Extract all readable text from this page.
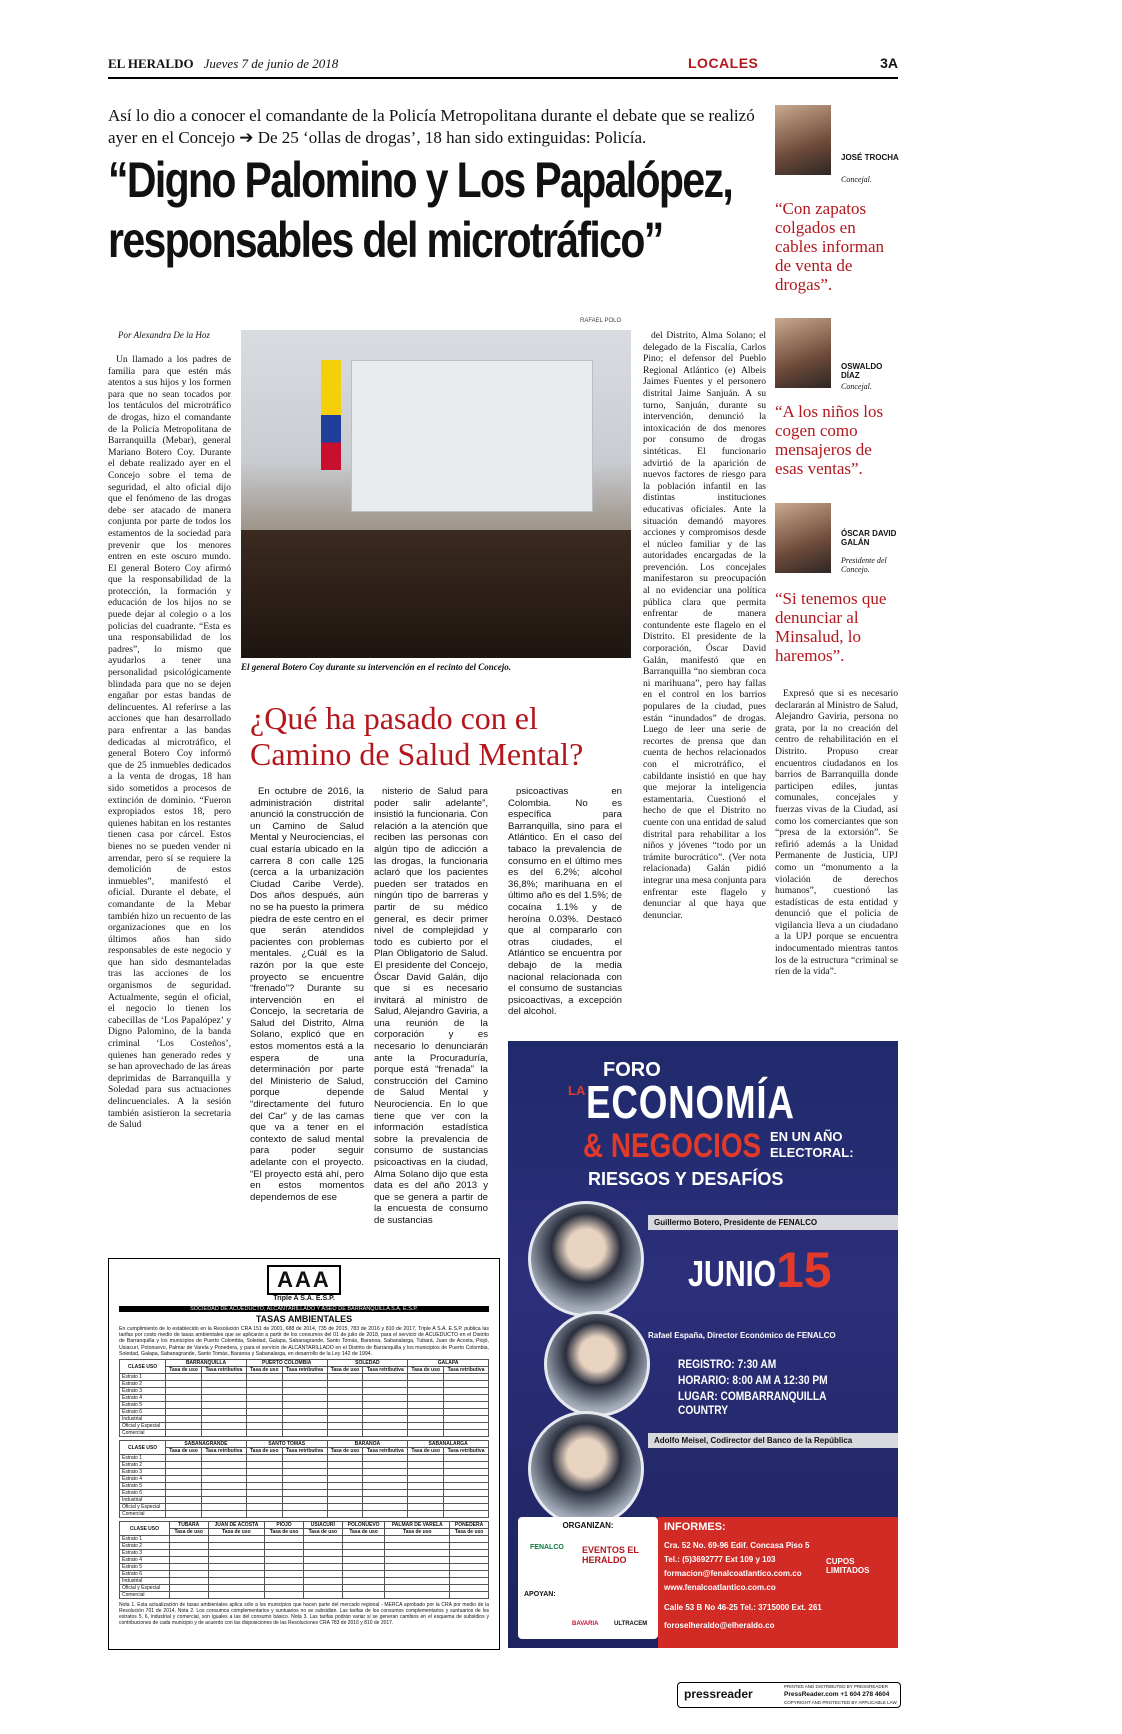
EL HERALDO Jueves 7 de junio de 2018	LOCALES	3A
Así lo dio a conocer el comandante de la Policía Metropolitana durante el debate que se realizó ayer en el Concejo ➔ De 25 ‘ollas de drogas’, 18 han sido extinguidas: Policía.
“Digno Palomino y Los Papalópez, responsables del microtráfico”
JOSÉ TROCHA
Concejal.
“Con zapatos colgados en cables informan de venta de drogas”.
OSWALDO DÍAZ
Concejal.
“A los niños los cogen como mensajeros de esas ventas”.
ÓSCAR DAVID GALÁN
Presidente del Concejo.
“Si tenemos que denunciar al Minsalud, lo haremos”.
Por Alexandra De la Hoz
RAFAEL POLO
El general Botero Coy durante su intervención en el recinto del Concejo.

Un llamado a los padres de familia para que estén más atentos a sus hijos y los formen para que no sean tocados por los tentáculos del microtráfico de drogas, hizo el comandante de la Policía Metropolitana de Barranquilla (Mebar), general Mariano Botero Coy. Durante el debate realizado ayer en el Concejo sobre el tema de seguridad, el alto oficial dijo que el fenómeno de las drogas debe ser atacado de manera conjunta por parte de todos los estamentos de la sociedad para prevenir que los menores entren en este oscuro mundo. El general Botero Coy afirmó que la responsabilidad de la protección, la formación y educación de los hijos no se puede dejar al colegio o a los policías del cuadrante. “Esta es una responsabilidad de los padres”, lo mismo que ayudarlos a tener una personalidad psicológicamente blindada para que no se dejen engañar por estas bandas de delincuentes. Al referirse a las acciones que han desarrollado para enfrentar a las bandas dedicadas al microtráfico, el general Botero Coy informó que de 25 inmuebles dedicados a la venta de drogas, 18 han sido sometidos a procesos de extinción de dominio. “Fueron expropiados estos 18, pero quienes habitan en los restantes tienen casa por cárcel. Estos bienes no se pueden vender ni arrendar, pero sí se requiere la demolición de estos inmuebles”, manifestó el oficial. Durante el debate, el comandante de la Mebar también hizo un recuento de las organizaciones que en los últimos años han sido responsables de este negocio y que han sido desmanteladas tras las acciones de los organismos de seguridad. Actualmente, según el oficial, el negocio lo tienen los cabecillas de ‘Los Papalópez’ y Digno Palomino, de la banda criminal ‘Los Costeños’, quienes han generado redes y se han aprovechado de las áreas deprimidas de Barranquilla y Soledad para sus actuaciones delincuenciales. A la sesión también asistieron la secretaria de Salud

del Distrito, Alma Solano; el delegado de la Fiscalía, Carlos Pino; el defensor del Pueblo Regional Atlántico (e) Albeis Jaimes Fuentes y el personero distrital Jaime Sanjuán. A su turno, Sanjuán, durante su intervención, denunció la intoxicación de dos menores por consumo de drogas sintéticas. El funcionario advirtió de la aparición de nuevos factores de riesgo para la población infantil en las distintas instituciones educativas oficiales. Ante la situación demandó mayores acciones y compromisos desde el núcleo familiar y de las autoridades encargadas de la prevención. Los concejales manifestaron su preocupación al no evidenciar una política pública clara que permita enfrentar de manera contundente este flagelo en el Distrito. El presidente de la corporación, Óscar David Galán, manifestó que en Barranquilla “no siembran coca ni marihuana”, pero hay fallas en el control en los barrios populares de la ciudad, pues están “inundados” de drogas. Luego de leer una serie de recortes de prensa que dan cuenta de hechos relacionados con el microtráfico, el cabildante insistió en que hay que mejorar la inteligencia estamentaria. Cuestionó el hecho de que el Distrito no cuente con una entidad de salud distrital para rehabilitar a los niños y jóvenes “todo por un trámite burocrático”. (Ver nota relacionada) Galán pidió integrar una mesa conjunta para enfrentar este flagelo y denunciar al que haya que denunciar.

Expresó que si es necesario declararán al Ministro de Salud, Alejandro Gaviria, persona no grata, por la no creación del centro de rehabilitación en el Distrito. Propuso crear encuentros ciudadanos en los barrios de Barranquilla donde participen ediles, juntas comunales, concejales y fuerzas vivas de la Ciudad, así como los comerciantes que son “presa de la extorsión”. Se refirió además a la Unidad Permanente de Justicia, UPJ como un “monumento a la violación de derechos humanos”, cuestionó las estadísticas de esta entidad y denunció que el policía de vigilancia lleva a un ciudadano a la UPJ porque se encuentra indocumentado mientras tantos los de la estructura “criminal se ríen de la vida”.

¿Qué ha pasado con el Camino de Salud Mental?

En octubre de 2016, la administración distrital anunció la construcción de un Camino de Salud Mental y Neurociencias, el cual estaría ubicado en la carrera 8 con calle 125 (cerca a la urbanización Ciudad Caribe Verde). Dos años después, aún no se ha puesto la primera piedra de este centro en el que serán atendidos pacientes con problemas mentales. ¿Cuál es la razón por la que este proyecto se encuentre “frenado”? Durante su intervención en el Concejo, la secretaria de Salud del Distrito, Alma Solano, explicó que en estos momentos está a la espera de una determinación por parte del Ministerio de Salud, porque depende “directamente del futuro del Car” y de las camas que va a tener en el contexto de salud mental para poder seguir adelante con el proyecto. “El proyecto está ahí, pero en estos momentos dependemos de ese

nisterio de Salud para poder salir adelante”, insistió la funcionaria. Con relación a la atención que reciben las personas con algún tipo de adicción a las drogas, la funcionaria aclaró que los pacientes pueden ser tratados en ningún tipo de barreras y partir de su médico general, es decir primer nivel de complejidad y todo es cubierto por el Plan Obligatorio de Salud. El presidente del Concejo, Óscar David Galán, dijo que si es necesario invitará al ministro de Salud, Alejandro Gaviria, a una reunión de la corporación y es necesario lo denunciarán ante la Procuraduría, porque está “frenada” la construcción del Camino de Salud Mental y Neurociencia. En lo que tiene que ver con la información estadística sobre la prevalencia de consumo de sustancias psicoactivas en la ciudad, Alma Solano dijo que esta data es del año 2013 y que se genera a partir de la encuesta de consumo de sustancias

psicoactivas en Colombia. No es específica para Barranquilla, sino para el Atlántico. En el caso del tabaco la prevalencia de consumo en el último mes es del 6.2%; alcohol 36,8%; marihuana en el último año es del 1.5%; de cocaína 1.1% y de heroína 0.03%. Destacó que al compararlo con otras ciudades, el Atlántico se encuentra por debajo de la media nacional relacionada con el consumo de sustancias psicoactivas, a excepción del alcohol.

AAA
Triple A S.A. E.S.P.
SOCIEDAD DE ACUEDUCTO, ALCANTARILLADO Y ASEO DE BARRANQUILLA S.A. E.S.P.
TASAS AMBIENTALES
En cumplimiento de lo establecido en la Resolución CRA 151 de 2001, 688 de 2014, 735 de 2015, 783 de 2016 y 810 de 2017, Triple A S.A. E.S.P. publica las tarifas por costo medio de tasas ambientales que se aplicarán a partir de los consumos del 01 de julio de 2018, para el servicio de ACUEDUCTO en el Distrito de Barranquilla y los municipios de Puerto Colombia, Soledad, Galapa, Sabanagrande, Santo Tomás, Baranoa, Sabanalarga, Tubará, Juan de Acosta, Piojó, Usiacurí, Polonuevo, Palmar de Varela y Ponedera, y para el servicio de ALCANTARILLADO en el Distrito de Barranquilla y los municipios de Puerto Colombia, Soledad, Galapa, Sabanagrande, Santo Tomás, Baranoa y Sabanalarga, en desarrollo de la Ley 142 de 1994.
CLASE USO	BARRANQUILLA		PUERTO COLOMBIA		SOLEDAD		GALAPA	
	Tasa de uso	Tasa retributiva	Tasa de uso	Tasa retributiva	Tasa de uso	Tasa retributiva	Tasa de uso	Tasa retributiva
Estrato 1								
Estrato 2								
Estrato 3								
Estrato 4								
Estrato 5								
Estrato 6								
Industrial								
Oficial y Especial								
Comercial								
CLASE USO	SABANAGRANDE		SANTO TOMÁS		BARANOA		SABANALARGA	
	Tasa de uso	Tasa retributiva	Tasa de uso	Tasa retributiva	Tasa de uso	Tasa retributiva	Tasa de uso	Tasa retributiva
Estrato 1								
Estrato 2								
Estrato 3								
Estrato 4								
Estrato 5								
Estrato 6								
Industrial								
Oficial y Especial								
Comercial								
CLASE USO	TUBARÁ	JUAN DE ACOSTA	PIOJÓ	USIACURÍ	POLONUEVO	PALMAR DE VARELA	PONEDERA
	Tasa de uso	Tasa de uso	Tasa de uso	Tasa de uso	Tasa de uso	Tasa de uso	Tasa de uso
Estrato 1							
Estrato 2							
Estrato 3							
Estrato 4							
Estrato 5							
Estrato 6							
Industrial							
Oficial y Especial							
Comercial							
Nota 1. Esta actualización de tasas ambientales aplica sólo a los municipios que hacen parte del mercado regional - MERCA aprobado por la CRA por medio de la Resolución 701 de 2014. Nota 2. Los consumos complementarios y suntuarios no se subsidian. Las tarifas de los consumos complementarios y suntuarios de los estratos 5, 6, industrial y comercial, son iguales a las del consumo básico. Nota 3. Las tarifas podrán variar si se generan cambios en el esquema de subsidios y contribuciones de cada municipio y de acuerdo con las disposiciones de las Resoluciones CRA 783 de 2016 y 810 de 2017.
FORO
LA ECONOMÍA
& NEGOCIOS EN UN AÑO
ELECTORAL:
RIESGOS Y DESAFÍOS
Guillermo Botero, Presidente de FENALCO
JUNIO 15
Rafael España, Director Económico de FENALCO
REGISTRO: 7:30 AM
HORARIO: 8:00 AM A 12:30 PM
LUGAR: COMBARRANQUILLA COUNTRY
Adolfo Meisel, Codirector del Banco de la República
ORGANIZAN:
FENALCO	EVENTOS EL HERALDO
APOYAN:
BAVARIA	ULTRACEM
INFORMES:
Cra. 52 No. 69-96 Edif. Concasa Piso 5
Tel.: (5)3692777 Ext 109 y 103
formacion@fenalcoatlantico.com.co
www.fenalcoatlantico.com.co
CUPOS LIMITADOS
Calle 53 B No 46-25 Tel.: 3715000 Ext. 261
foroselheraldo@elheraldo.co
pressreader
PRINTED AND DISTRIBUTED BY PRESSREADER
PressReader.com +1 604 278 4604
COPYRIGHT AND PROTECTED BY APPLICABLE LAW
